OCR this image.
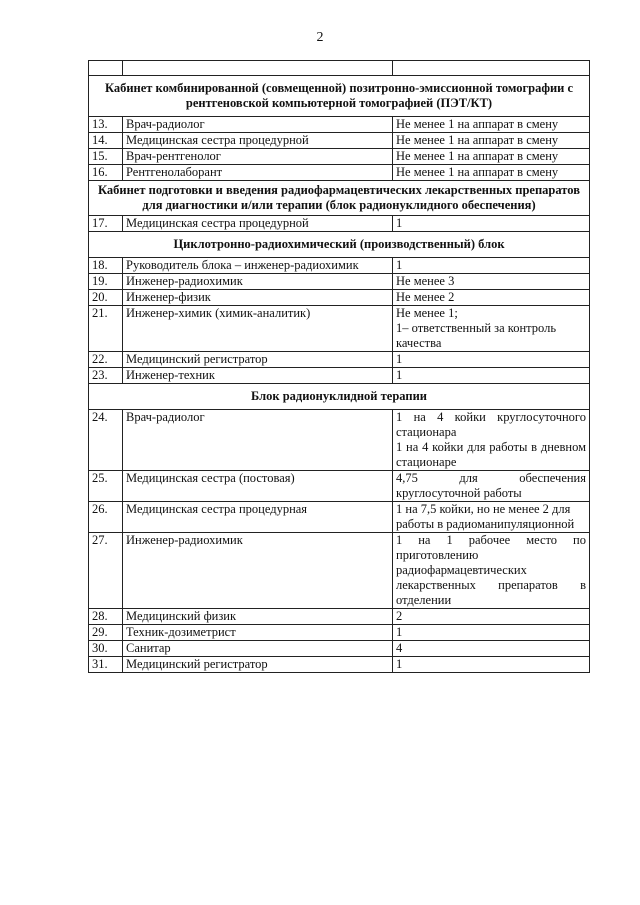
2

Кабинет комбинированной (совмещенной) позитронно-эмиссионной томографии с рентгеновской компьютерной томографией (ПЭТ/КТ)		
13.	Врач-радиолог	Не менее 1 на аппарат в смену

14.	Медицинская сестра процедурной	Не менее 1 на аппарат в смену

15.	Врач-рентгенолог	Не менее 1 на аппарат в смену

16.	Рентгенолаборант	Не менее 1 на аппарат в смену

Кабинет подготовки и введения радиофармацевтических лекарственных препаратов для диагностики и/или терапии (блок радионуклидного обеспечения)		
17.	Медицинская сестра процедурной	1

Циклотронно-радиохимический (производственный) блок		
18.	Руководитель блока – инженер-радиохимик	1

19.	Инженер-радиохимик	Не менее 3

20.	Инженер-физик	Не менее 2

21.	Инженер-химик (химик-аналитик)	Не менее 1;
1– ответственный за контроль качества

22.	Медицинский регистратор	1

23.	Инженер-техник	1

Блок радионуклидной терапии		
24.	Врач-радиолог	1 на 4 койки круглосуточного стационара
1 на 4 койки для работы в дневном стационаре

25.	Медицинская сестра (постовая)	4,75 для обеспечения круглосуточной работы

26.	Медицинская сестра процедурная	1 на 7,5 койки, но не менее 2 для работы в радиоманипуляционной

27.	Инженер-радиохимик	1 на 1 рабочее место по приготовлению радиофармацевтических лекарственных препаратов в отделении

28.	Медицинский физик	2

29.	Техник-дозиметрист	1

30.	Санитар	4

31.	Медицинский регистратор	1
